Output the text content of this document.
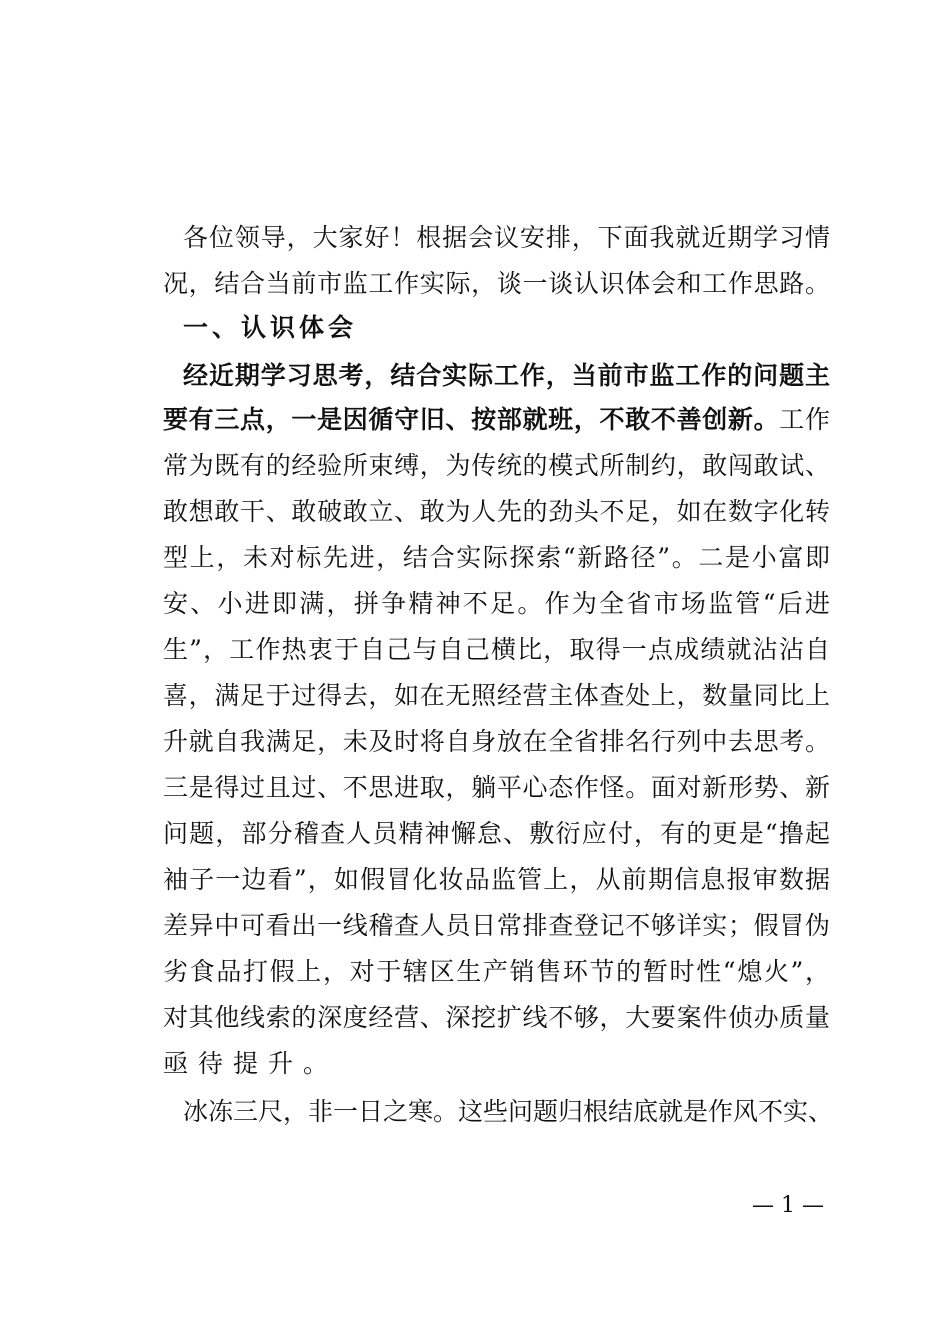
各位领导，大家好！根据会议安排，下面我就近期学习情
况，结合当前市监工作实际，谈一谈认识体会和工作思路。
一、认识体会
经近期学习思考，结合实际工作，当前市监工作的问题主
要有三点，一是因循守旧、按部就班，不敢不善创新。工作
常为既有的经验所束缚，为传统的模式所制约，敢闯敢试、
敢想敢干、敢破敢立、敢为人先的劲头不足，如在数字化转
型上，未对标先进，结合实际探索“新路径”。二是小富即
安、小进即满，拼争精神不足。作为全省市场监管“后进
生”，工作热衷于自己与自己横比，取得一点成绩就沾沾自
喜，满足于过得去，如在无照经营主体查处上，数量同比上
升就自我满足，未及时将自身放在全省排名行列中去思考。
三是得过且过、不思进取，躺平心态作怪。面对新形势、新
问题，部分稽查人员精神懈怠、敷衍应付，有的更是“撸起
袖子一边看”，如假冒化妆品监管上，从前期信息报审数据
差异中可看出一线稽查人员日常排查登记不够详实；假冒伪
劣食品打假上，对于辖区生产销售环节的暂时性“熄火”，
对其他线索的深度经营、深挖扩线不够，大要案件侦办质量
亟待提升。
冰冻三尺，非一日之寒。这些问题归根结底就是作风不实、
— 1 —
